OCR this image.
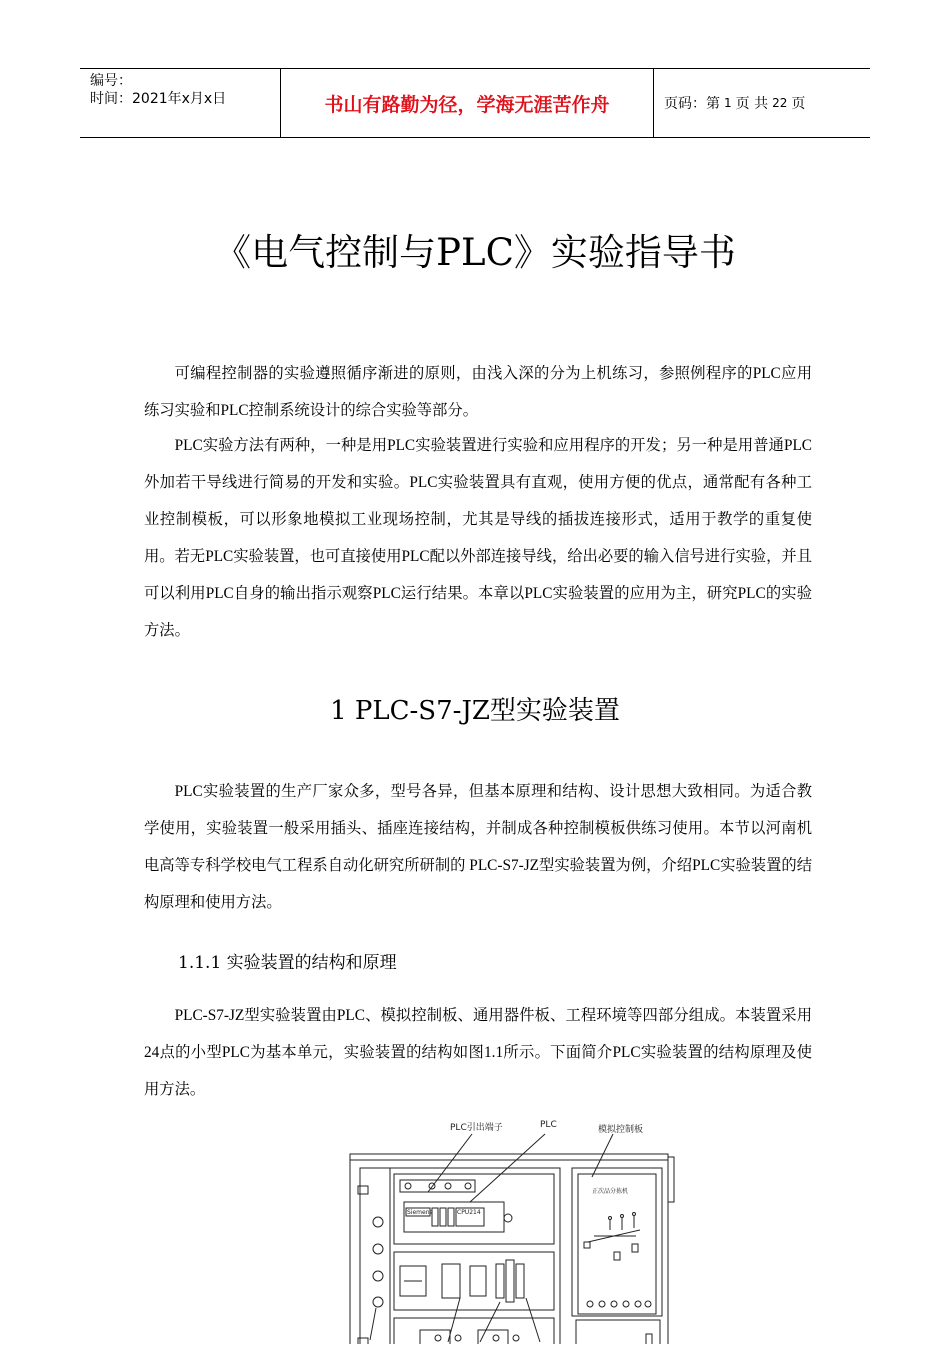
编号：
时间：2021年x月x日	书山有路勤为径，学海无涯苦作舟	页码：第 1 页 共 22 页
《电气控制与PLC》实验指导书

可编程控制器的实验遵照循序渐进的原则，由浅入深的分为上机练习，参照例程序的PLC应用练习实验和PLC控制系统设计的综合实验等部分。

PLC实验方法有两种，一种是用PLC实验装置进行实验和应用程序的开发；另一种是用普通PLC外加若干导线进行简易的开发和实验。PLC实验装置具有直观，使用方便的优点，通常配有各种工业控制模板，可以形象地模拟工业现场控制，尤其是导线的插拔连接形式，适用于教学的重复使用。若无PLC实验装置，也可直接使用PLC配以外部连接导线，给出必要的输入信号进行实验，并且可以利用PLC自身的输出指示观察PLC运行结果。本章以PLC实验装置的应用为主，研究PLC的实验方法。

1 PLC-S7-JZ型实验装置

PLC实验装置的生产厂家众多，型号各异，但基本原理和结构、设计思想大致相同。为适合教学使用，实验装置一般采用插头、插座连接结构，并制成各种控制模板供练习使用。本节以河南机电高等专科学校电气工程系自动化研究所研制的 PLC-S7-JZ型实验装置为例，介绍PLC实验装置的结构原理和使用方法。

1.1.1 实验装置的结构和原理

PLC-S7-JZ型实验装置由PLC、模拟控制板、通用器件板、工程环境等四部分组成。本装置采用24点的小型PLC为基本单元，实验装置的结构如图1.1所示。下面简介PLC实验装置的结构原理及使用方法。

PLC引出端子	PLC	模拟控制板
正次品分拣机
Siemens	CPU214
